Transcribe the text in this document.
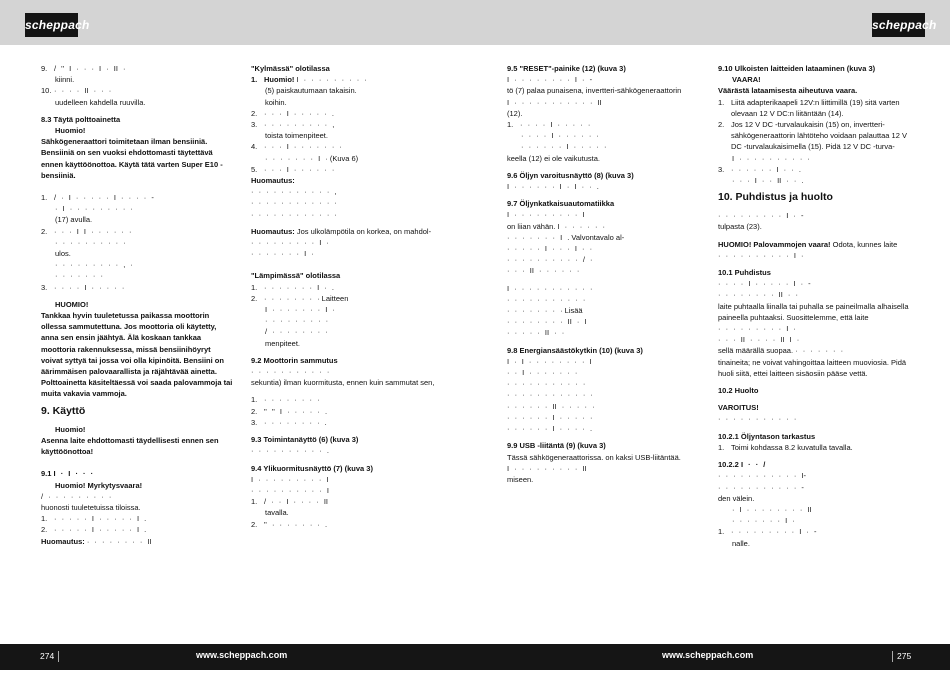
scheppach	scheppach

9. / '' I · · · I · II ·

kiinni.

10. · · · · II · · ·

uudelleen kahdella ruuvilla.

8.3 Täytä polttoainetta

Huomio!

Sähkögeneraattori toimitetaan ilman bensiiniä. Bensiiniä on sen vuoksi ehdottomasti täytettävä ennen käyttöönottoa. Käytä tätä varten Super E10 -bensiiniä.

1. / · I · · · · · I · · · · -

· I · · · · · · · · ·

(17) avulla.

2. · · · I I · · · · · ·

· · · · · · · · · ·

ulos.

· · · · · · · · · , ·

· · · · · · ·

3. · · · · I · · · · ·

HUOMIO!

Tankkaa hyvin tuuletetussa paikassa moottorin ollessa sammutettuna. Jos moottoria oli käytetty, anna sen ensin jäähtyä. Älä koskaan tankkaa moottoria rakennuksessa, missä bensiinihöyryt voivat syttyä tai jossa voi olla kipinöitä. Bensiini on äärimmäisen palovaarallista ja räjähtävää ainetta. Polttoainetta käsiteltäessä voi saada palovammoja tai muita vakavia vammoja.

9. Käyttö

Huomio!

Asenna laite ehdottomasti täydellisesti ennen sen käyttöönottoa!

9.1 I · I · · ·

Huomio! Myrkytysvaara!

/ · · · · · · · · ·

huonosti tuuletetuissa tiloissa.

1. · · · · · I · · · · · I .

2. · · · · · I · · · · · I .

Huomautus: · · · · · · · · II

"Kylmässä" olotilassa

1. Huomio! I · · · · · · · · ·

(5) paiskautumaan takaisin.

koihin.

2. · · · I · · · · · .

3. · · · · · · · · · ,

toista toimenpiteet.

4. · · · I · · · · · · ·

· · · · · · · I · (Kuva 6)

5. · · · I · · · · · ·

Huomautus:

· · · · · · · · · · · ,

· · · · · · · · · · · ·

· · · · · · · · · · · ·

Huomautus: Jos ulkolämpötila on korkea, on mahdol-

· · · · · · · · · I ·

· · · · · · · I ·

"Lämpimässä" olotilassa

1. · · · · · · · I · .

2. · · · · · · · · Laitteen

I · · · · · · · I ·

· · · · · · · · ·

/ · · · · · · · ·

menpiteet.

9.2 Moottorin sammutus

· · · · · · · · · · ·

sekuntia) ilman kuormitusta, ennen kuin sammutat sen,

1. · · · · · · · ·

2. '' '' I · · · · · .

3. · · · · · · · · .

9.3 Toimintanäyttö (6) (kuva 3)

· · · · · · · · · · .

9.4 Ylikuormitusnäyttö (7) (kuva 3)

I · · · · · · · · · I

· · · · · · · · · · I

1. / · · I · · · · II

tavalla.

2. '' · · · · · · · .

9.5 "RESET"-painike (12) (kuva 3)

I · · · · · · · · I · -

tö (7) palaa punaisena, invertteri-sähkögeneraattorin

I · · · · · · · · · · · II

(12).

1. · · · · I · · · · ·

· · · · I · · · · · ·

· · · · · · I · · · · ·

keella (12) ei ole vaikutusta.

9.6 Öljyn varoitusnäyttö (8) (kuva 3)

I · · · · · · I · I · · .

9.7 Öljynkatkaisuautomatiikka

I · · · · · · · · · I

on liian vähän. I · · · · · ·

· · · · · · · I . Valvontavalo al-

· · · · · I · · · I · ·

· · · · · · · · · · / ·

· · · II · · · · · ·

I · · · · · · · · · · ·

· · · · · · · · · · ·

· · · · · · · · Lisää

· · · · · · · · II · I

· · · · · II · ·

9.8 Energiansäästökytkin (10) (kuva 3)

I · I · · · · · · · · I

· · I · · · · · · ·

· · · · · · · · · · ·

· · · · · · · · · · · ·

· · · · · · II · · · · ·

· · · · · · I · · · · ·

· · · · · · I · · · · .

9.9 USB -liitäntä (9) (kuva 3)

Tässä sähkögeneraattorissa. on kaksi USB-liitäntää.

I · · · · · · · · · II

miseen.

9.10 Ulkoisten laitteiden lataaminen (kuva 3)

VAARA!

Väärästä lataamisesta aiheutuva vaara.

1. Liitä adapterikaapeli 12V:n liittimillä (19) sitä varten olevaan 12 V DC:n liitäntään (14).

2. Jos 12 V DC -turvalaukaisin (15) on, invertteri-sähkögeneraattorin lähtöteho voidaan palauttaa 12 V DC -turvalaukaisimella (15). Pidä 12 V DC -turva-

I · · · · · · · · · ·

3. · · · · · · I · · .

· · · I · · II · · .

10. Puhdistus ja huolto

· · · · · · · · · I · -

tulpasta (23).

HUOMIO! Palovammojen vaara! Odota, kunnes laite

· · · · · · · · · · I ·

10.1 Puhdistus

· · · · I · · · · · I · -

· · · · · · · · II · ·

laite puhtaalla liinalla tai puhalla se paineilmalla alhaisella paineella puhtaaksi. Suosittelemme, että laite

· · · · · · · · · I ·

· · · II · · · · II I ·

sellä määrällä suopaa. · · · · · · ·

tinaineita; ne voivat vahingoittaa laitteen muoviosia. Pidä huoli siitä, ettei laitteen sisäosiin pääse vettä.

10.2 Huolto

VAROITUS!

· · · · · · · · · · ·

10.2.1 Öljyntason tarkastus

1. Toimi kohdassa 8.2 kuvatulla tavalla.

10.2.2 I · · /

· · · · · · · · · · · I-

· · · · · · · · · · · -

den välein.

· I · · · · · · · · II

· · · · · · · I ·

1. · · · · · · · · · I · -

nalle.

274	www.scheppach.com	www.scheppach.com	275
